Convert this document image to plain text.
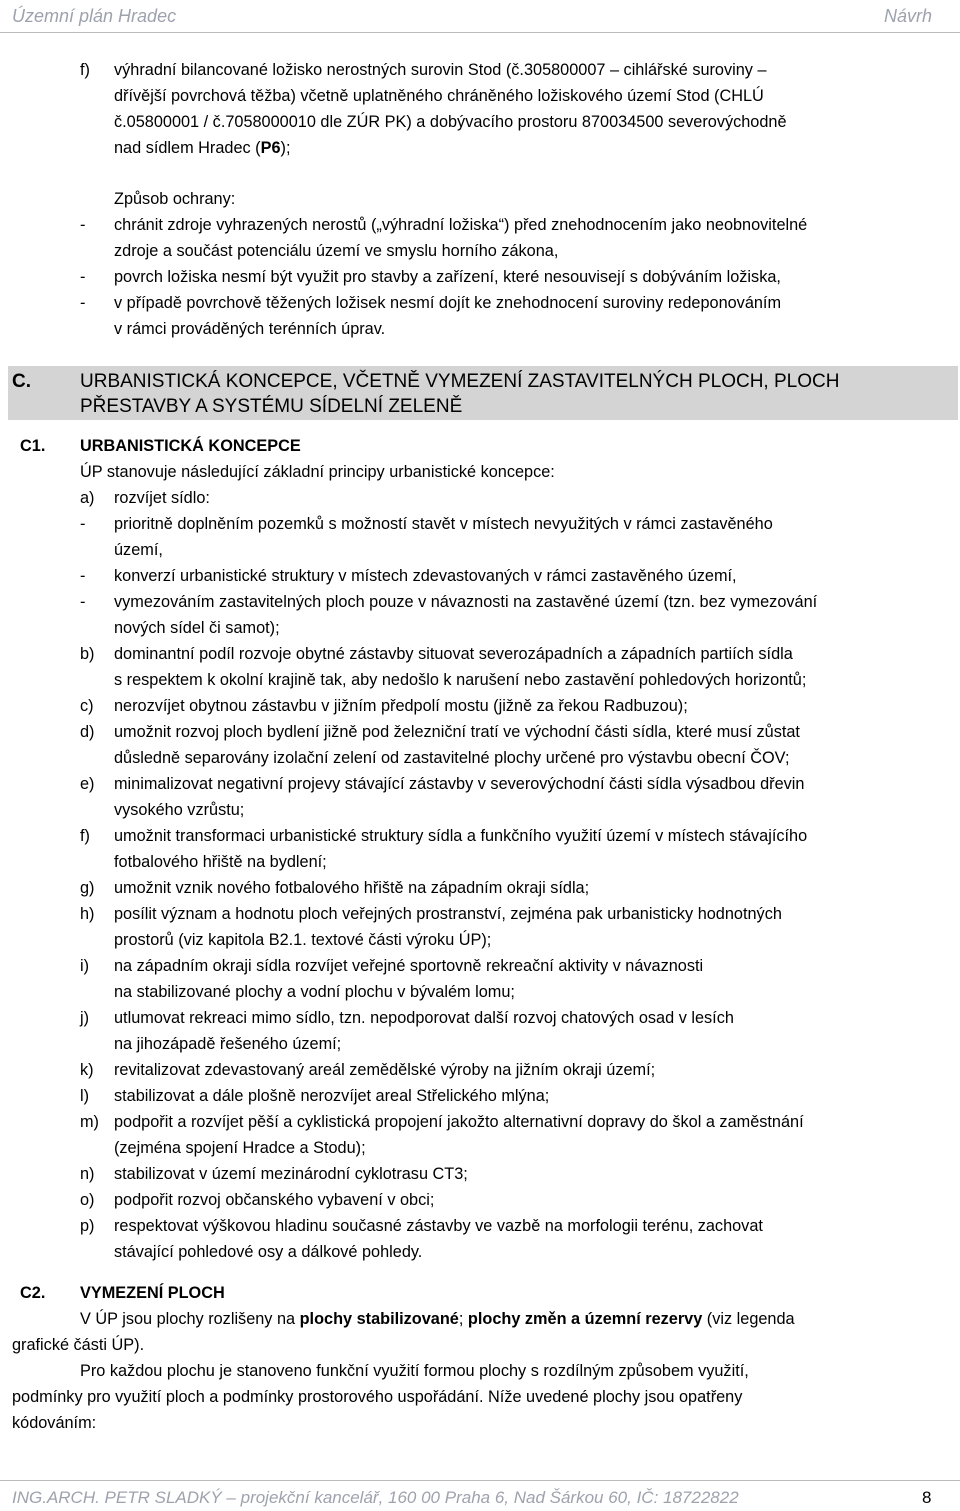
Územní plán Hradec	Návrh
f) výhradní bilancované ložisko nerostných surovin Stod (č.305800007 – cihlářské suroviny –
dřívější povrchová těžba) včetně uplatněného chráněného ložiskového území Stod (CHLÚ
č.05800001 / č.7058000010 dle ZÚR PK) a dobývacího prostoru 870034500 severovýchodně
nad sídlem Hradec (P6);
Způsob ochrany:
- chránit zdroje vyhrazených nerostů („výhradní ložiska“) před znehodnocením jako neobnovitelné
zdroje a součást potenciálu území ve smyslu horního zákona,
- povrch ložiska nesmí být využit pro stavby a zařízení, které nesouvisejí s dobýváním ložiska,
- v případě povrchově těžených ložisek nesmí dojít ke znehodnocení suroviny redeponováním
v rámci prováděných terénních úprav.
C.	URBANISTICKÁ KONCEPCE, VČETNĚ VYMEZENÍ ZASTAVITELNÝCH PLOCH, PLOCH
PŘESTAVBY A SYSTÉMU SÍDELNÍ ZELENĚ
C1. URBANISTICKÁ KONCEPCE
ÚP stanovuje následující základní principy urbanistické koncepce:
a) rozvíjet sídlo:
- prioritně doplněním pozemků s možností stavět v místech nevyužitých v rámci zastavěného
území,
- konverzí urbanistické struktury v místech zdevastovaných v rámci zastavěného území,
- vymezováním zastavitelných ploch pouze v návaznosti na zastavěné území (tzn. bez vymezování
nových sídel či samot);
b) dominantní podíl rozvoje obytné zástavby situovat severozápadních a západních partiích sídla
s respektem k okolní krajině tak, aby nedošlo k narušení nebo zastavění pohledových horizontů;
c) nerozvíjet obytnou zástavbu v jižním předpolí mostu (jižně za řekou Radbuzou);
d) umožnit rozvoj ploch bydlení jižně pod železniční tratí ve východní části sídla, které musí zůstat
důsledně separovány izolační zelení od zastavitelné plochy určené pro výstavbu obecní ČOV;
e) minimalizovat negativní projevy stávající zástavby v severovýchodní části sídla výsadbou dřevin
vysokého vzrůstu;
f) umožnit transformaci urbanistické struktury sídla a funkčního využití území v místech stávajícího
fotbalového hřiště na bydlení;
g) umožnit vznik nového fotbalového hřiště na západním okraji sídla;
h) posílit význam a hodnotu ploch veřejných prostranství, zejména pak urbanisticky hodnotných
prostorů (viz kapitola B2.1. textové části výroku ÚP);
i) na západním okraji sídla rozvíjet veřejné sportovně rekreační aktivity v návaznosti
na stabilizované plochy a vodní plochu v bývalém lomu;
j) utlumovat rekreaci mimo sídlo, tzn. nepodporovat další rozvoj chatových osad v lesích
na jihozápadě řešeného území;
k) revitalizovat zdevastovaný areál zemědělské výroby na jižním okraji území;
l) stabilizovat a dále plošně nerozvíjet areal Střelického mlýna;
m) podpořit a rozvíjet pěší a cyklistická propojení jakožto alternativní dopravy do škol a zaměstnání
(zejména spojení Hradce a Stodu);
n) stabilizovat v území mezinárodní cyklotrasu CT3;
o) podpořit rozvoj občanského vybavení v obci;
p) respektovat výškovou hladinu současné zástavby ve vazbě na morfologii terénu, zachovat
stávající pohledové osy a dálkové pohledy.
C2. VYMEZENÍ PLOCH
V ÚP jsou plochy rozlišeny na plochy stabilizované; plochy změn a územní rezervy (viz legenda
grafické části ÚP).
Pro každou plochu je stanoveno funkční využití formou plochy s rozdílným způsobem využití,
podmínky pro využití ploch a podmínky prostorového uspořádání. Níže uvedené plochy jsou opatřeny
kódováním:
ING.ARCH. PETR SLADKÝ – projekční kancelář, 160 00 Praha 6, Nad Šárkou 60, IČ: 18722822	8
